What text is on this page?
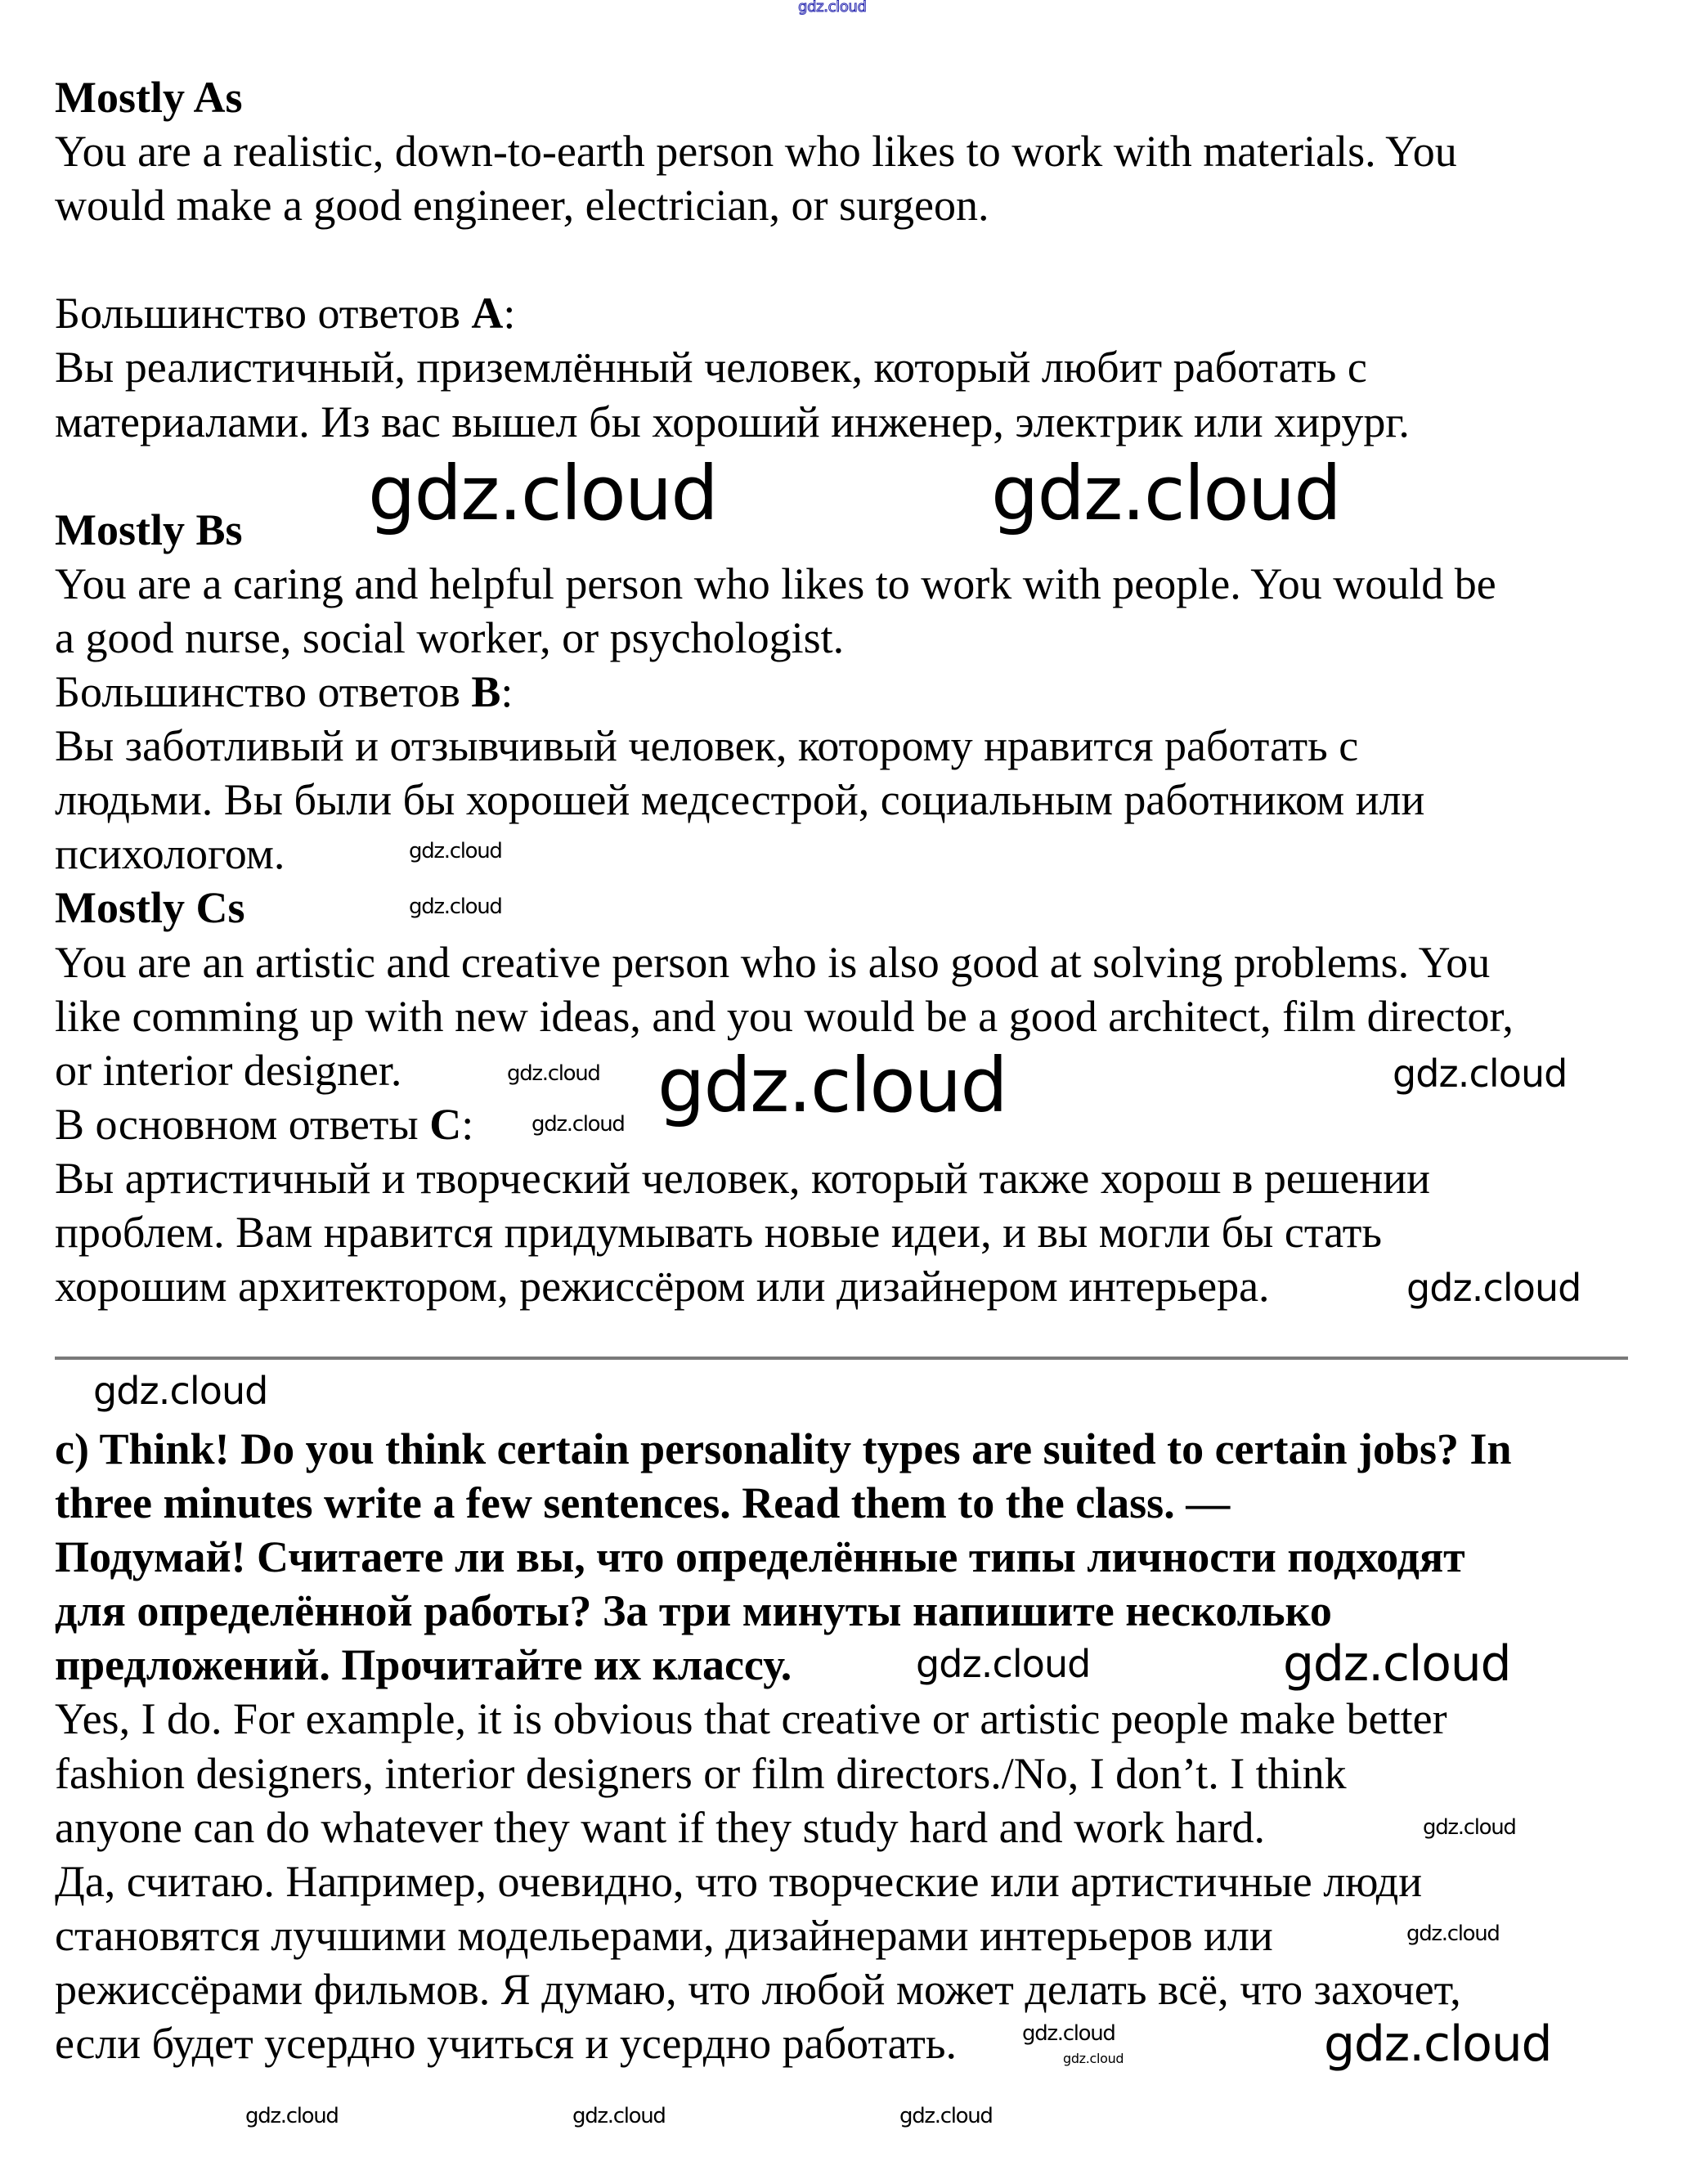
Mostly As
You are a realistic, down-to-earth person who likes to work with materials. You
would make a good engineer, electrician, or surgeon.
Большинство ответов A:
Вы реалистичный, приземлённый человек, который любит работать с
материалами. Из вас вышел бы хороший инженер, электрик или хирург.
Mostly Bs
You are a caring and helpful person who likes to work with people. You would be
a good nurse, social worker, or psychologist.
Большинство ответов B:
Вы заботливый и отзывчивый человек, которому нравится работать с
людьми. Вы были бы хорошей медсестрой, социальным работником или
психологом.
Mostly Cs
You are an artistic and creative person who is also good at solving problems. You
like comming up with new ideas, and you would be a good architect, film director,
or interior designer.
В основном ответы C:
Вы артистичный и творческий человек, который также хорош в решении
проблем. Вам нравится придумывать новые идеи, и вы могли бы стать
хорошим архитектором, режиссёром или дизайнером интерьера.
c) Think! Do you think certain personality types are suited to certain jobs? In
three minutes write a few sentences. Read them to the class. —
Подумай! Считаете ли вы, что определённые типы личности подходят
для определённой работы? За три минуты напишите несколько
предложений. Прочитайте их классу.
Yes, I do. For example, it is obvious that creative or artistic people make better
fashion designers, interior designers or film directors./No, I don’t. I think
anyone can do whatever they want if they study hard and work hard.
Да, считаю. Например, очевидно, что творческие или артистичные люди
становятся лучшими модельерами, дизайнерами интерьеров или
режиссёрами фильмов. Я думаю, что любой может делать всё, что захочет,
если будет усердно учиться и усердно работать.
gdz.cloud
gdz.cloud	gdz.cloud
gdz.cloud	gdz.cloud
gdz.cloud
gdz.cloud
gdz.cloud	gdz.cloud
gdz.cloud
gdz.cloud
gdz.cloud
gdz.cloud
gdz.cloud
gdz.cloud
gdz.cloud
gdz.cloud
gdz.cloud	gdz.cloud	gdz.cloud
gdz.cloud
